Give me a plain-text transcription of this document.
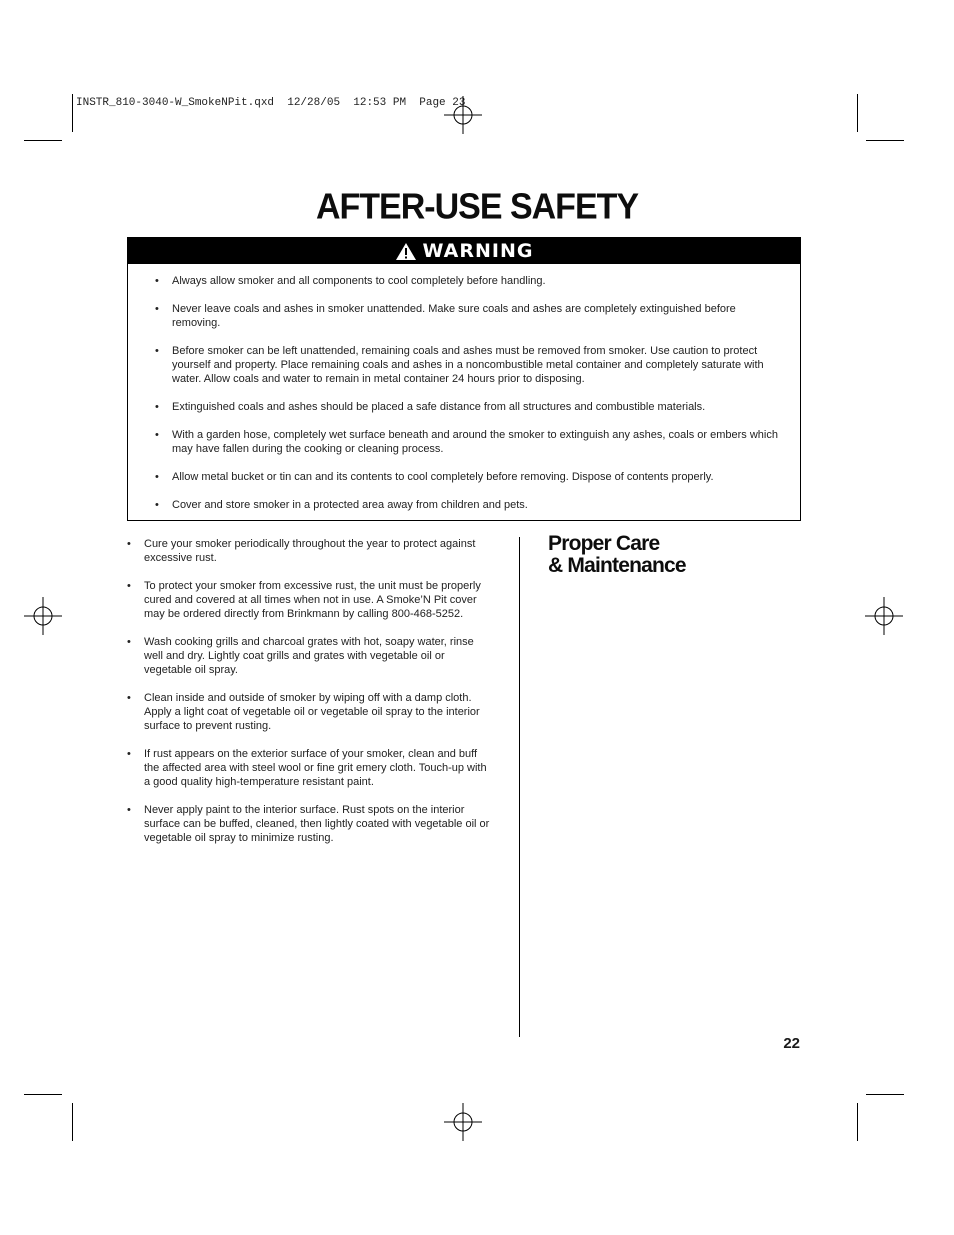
INSTR_810-3040-W_SmokeNPit.qxd  12/28/05  12:53 PM  Page 23
AFTER-USE SAFETY
WARNING
• Always allow smoker and all components to cool completely before handling.
• Never leave coals and ashes in smoker unattended. Make sure coals and ashes are completely extinguished before removing.
• Before smoker can be left unattended, remaining coals and ashes must be removed from smoker. Use caution to protect yourself and property. Place remaining coals and ashes in a noncombustible metal container and completely saturate with water. Allow coals and water to remain in metal container 24 hours prior to disposing.
• Extinguished coals and ashes should be placed a safe distance from all structures and combustible materials.
• With a garden hose, completely wet surface beneath and around the smoker to extinguish any ashes, coals or embers which may have fallen during the cooking or cleaning process.
• Allow metal bucket or tin can and its contents to cool completely before removing. Dispose of contents properly.
• Cover and store smoker in a protected area away from children and pets.
• Cure your smoker periodically throughout the year to protect against excessive rust.
• To protect your smoker from excessive rust, the unit must be properly cured and covered at all times when not in use. A Smoke’N Pit cover may be ordered directly from Brinkmann by calling 800-468-5252.
• Wash cooking grills and charcoal grates with hot, soapy water, rinse well and dry. Lightly coat grills and grates with vegetable oil or vegetable oil spray.
• Clean inside and outside of smoker by wiping off with a damp cloth. Apply a light coat of vegetable oil or vegetable oil spray to the interior surface to prevent rusting.
• If rust appears on the exterior surface of your smoker, clean and buff the affected area with steel wool or fine grit emery cloth. Touch-up with a good quality high-temperature resistant paint.
• Never apply paint to the interior surface. Rust spots on the interior surface can be buffed, cleaned, then lightly coated with vegetable oil or vegetable oil spray to minimize rusting.
Proper Care
& Maintenance
22
